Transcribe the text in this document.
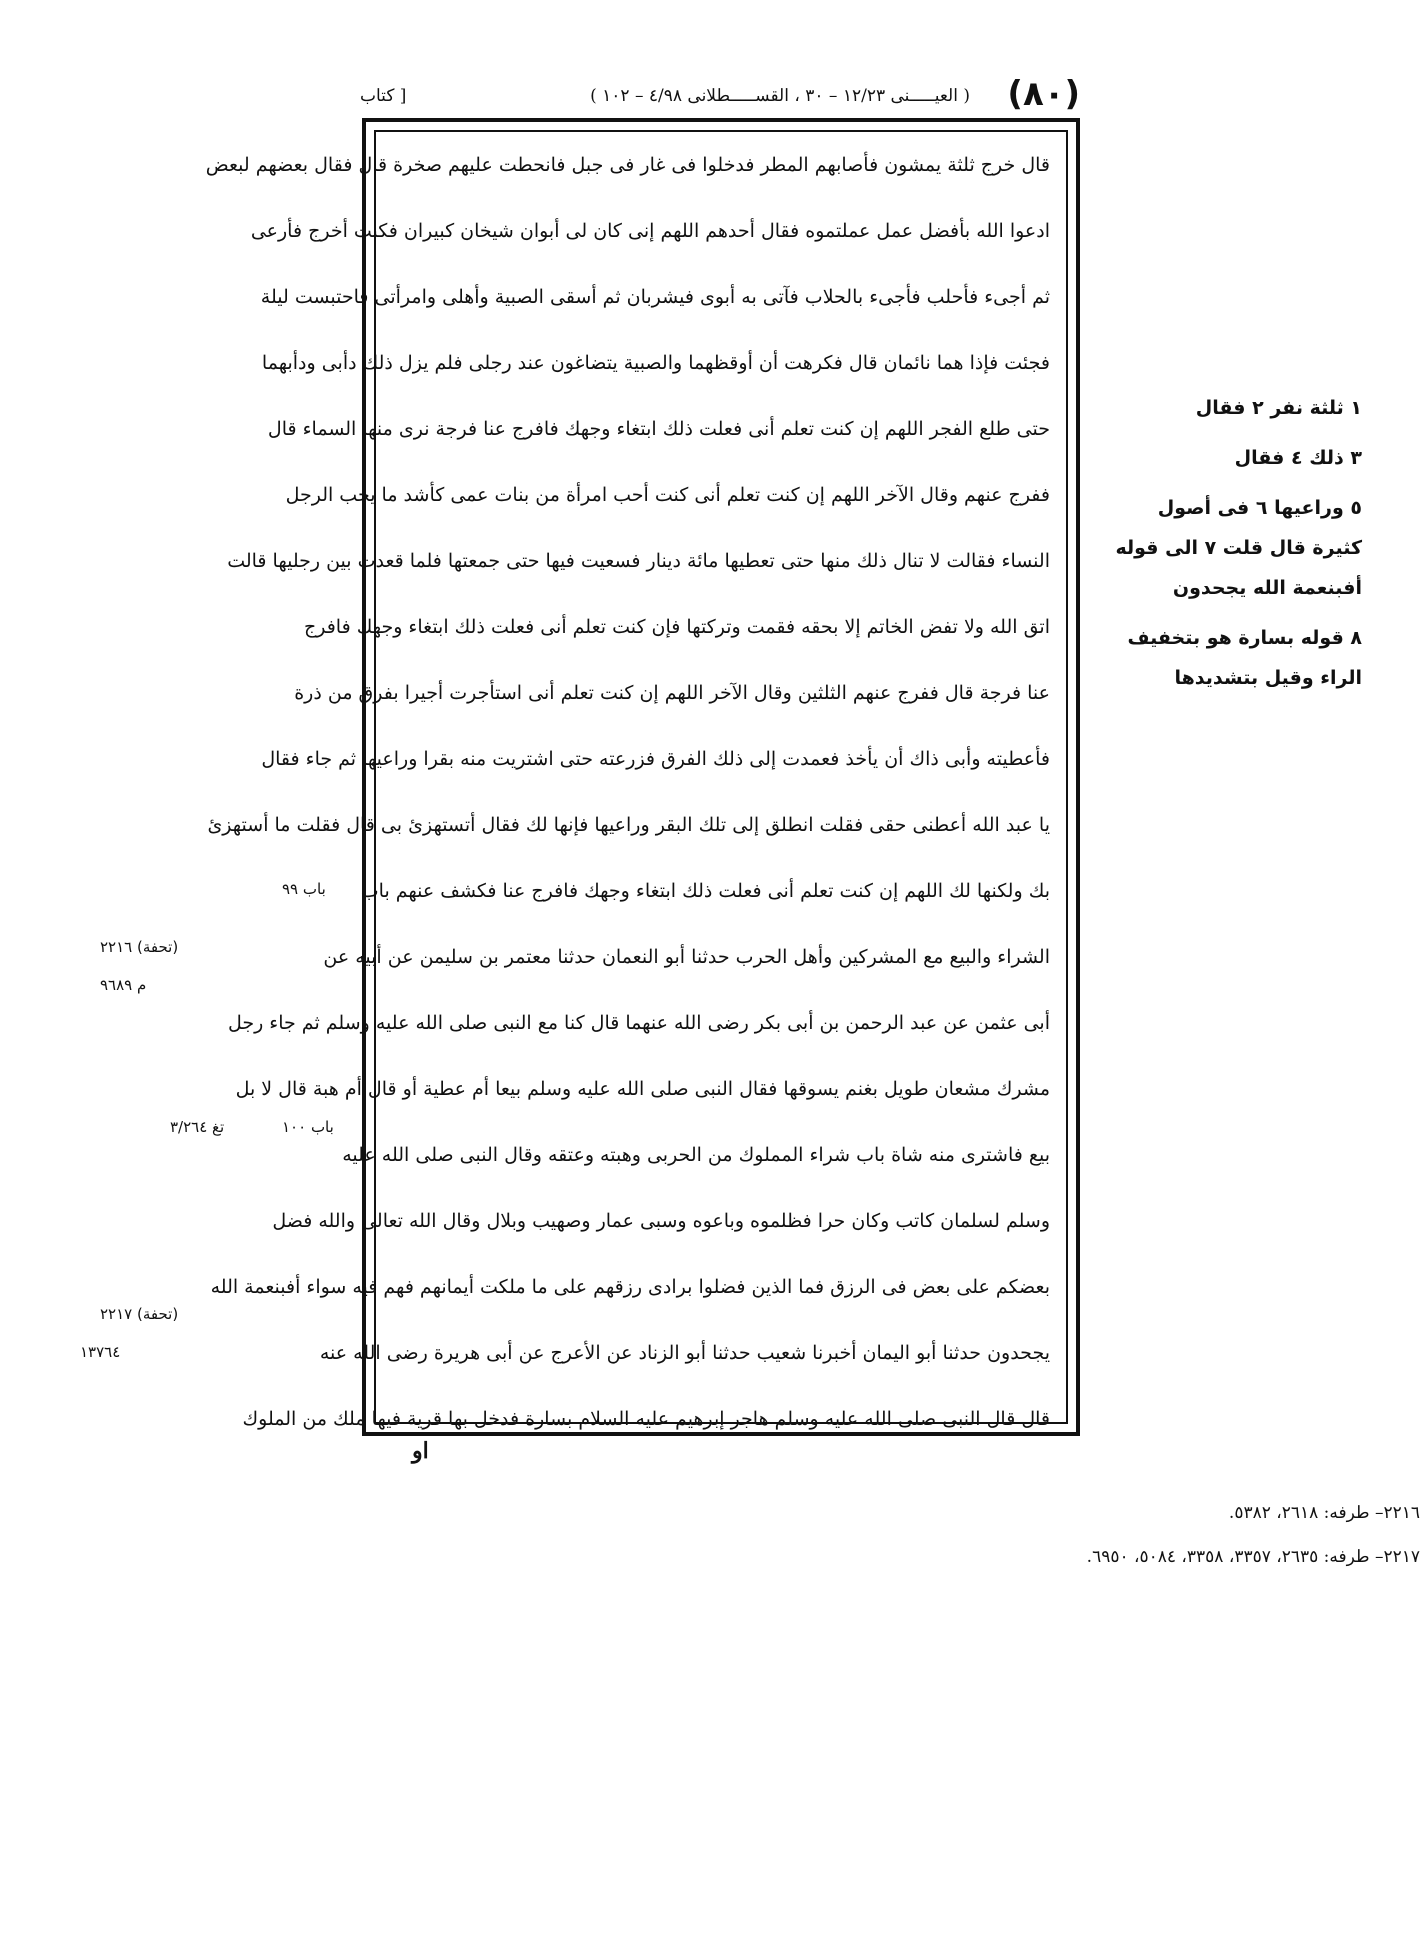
(٨٠)
( العيـــــنى ١٢/٢٣ – ٣٠ ، القســـــطلانى ٤/٩٨ – ١٠٢ )
[ كتاب
قال خرج ثلثة يمشون فأصابهم المطر فدخلوا فى غار فى جبل فانحطت عليهم صخرة قال فقال بعضهم لبعض
ادعوا الله بأفضل عمل عملتموه فقال أحدهم اللهم إنى كان لى أبوان شيخان كبيران فكنت أخرج فأرعى
ثم أجىء فأحلب فأجىء بالحلاب فآتى به أبوى فيشربان ثم أسقى الصبية وأهلى وامرأتى فاحتبست ليلة
فجئت فإذا هما نائمان قال فكرهت أن أوقظهما والصبية يتضاغون عند رجلى فلم يزل ذلك دأبى ودأبهما
حتى طلع الفجر اللهم إن كنت تعلم أنى فعلت ذلك ابتغاء وجهك فافرج عنا فرجة نرى منها السماء قال
ففرج عنهم وقال الآخر اللهم إن كنت تعلم أنى كنت أحب امرأة من بنات عمى كأشد ما يحب الرجل
النساء فقالت لا تنال ذلك منها حتى تعطيها مائة دينار فسعيت فيها حتى جمعتها فلما قعدت بين رجليها قالت
اتق الله ولا تفض الخاتم إلا بحقه فقمت وتركتها فإن كنت تعلم أنى فعلت ذلك ابتغاء وجهك فافرج
عنا فرجة قال ففرج عنهم الثلثين وقال الآخر اللهم إن كنت تعلم أنى استأجرت أجيرا بفرق من ذرة
فأعطيته وأبى ذاك أن يأخذ فعمدت إلى ذلك الفرق فزرعته حتى اشتريت منه بقرا وراعيها ثم جاء فقال
يا عبد الله أعطنى حقى فقلت انطلق إلى تلك البقر وراعيها فإنها لك فقال أتستهزئ بى قال فقلت ما أستهزئ
بك ولكنها لك اللهم إن كنت تعلم أنى فعلت ذلك ابتغاء وجهك فافرج عنا فكشف عنهم باب
الشراء والبيع مع المشركين وأهل الحرب حدثنا أبو النعمان حدثنا معتمر بن سليمن عن أبيه عن
أبى عثمن عن عبد الرحمن بن أبى بكر رضى الله عنهما قال كنا مع النبى صلى الله عليه وسلم ثم جاء رجل
مشرك مشعان طويل بغنم يسوقها فقال النبى صلى الله عليه وسلم بيعا أم عطية أو قال أم هبة قال لا بل
بيع فاشترى منه شاة باب شراء المملوك من الحربى وهبته وعتقه وقال النبى صلى الله عليه
وسلم لسلمان كاتب وكان حرا فظلموه وباعوه وسبى عمار وصهيب وبلال وقال الله تعالى والله فضل
بعضكم على بعض فى الرزق فما الذين فضلوا برادى رزقهم على ما ملكت أيمانهم فهم فيه سواء أفبنعمة الله
يجحدون حدثنا أبو اليمان أخبرنا شعيب حدثنا أبو الزناد عن الأعرج عن أبى هريرة رضى الله عنه
قال قال النبى صلى الله عليه وسلم هاجر إبرهيم عليه السلام بسارة فدخل بها قرية فيها ملك من الملوك
او
١ ثلثة نفر ٢ فقال
٣ ذلك ٤ فقال
٥ وراعيها ٦ فى أصول
كثيرة قال قلت ٧ الى قوله
أفبنعمة الله يجحدون
٨ قوله بسارة هو بتخفيف
الراء وقيل بتشديدها
باب ٩٩
(تحفة) ٢٢١٦
م ٩٦٨٩
باب ١٠٠
تغ ٣/٢٦٤
(تحفة) ٢٢١٧
١٣٧٦٤
٢٢١٦– طرفه: ٢٦١٨، ٥٣٨٢.
٢٢١٧– طرفه: ٢٦٣٥، ٣٣٥٧، ٣٣٥٨، ٥٠٨٤، ٦٩٥٠.
